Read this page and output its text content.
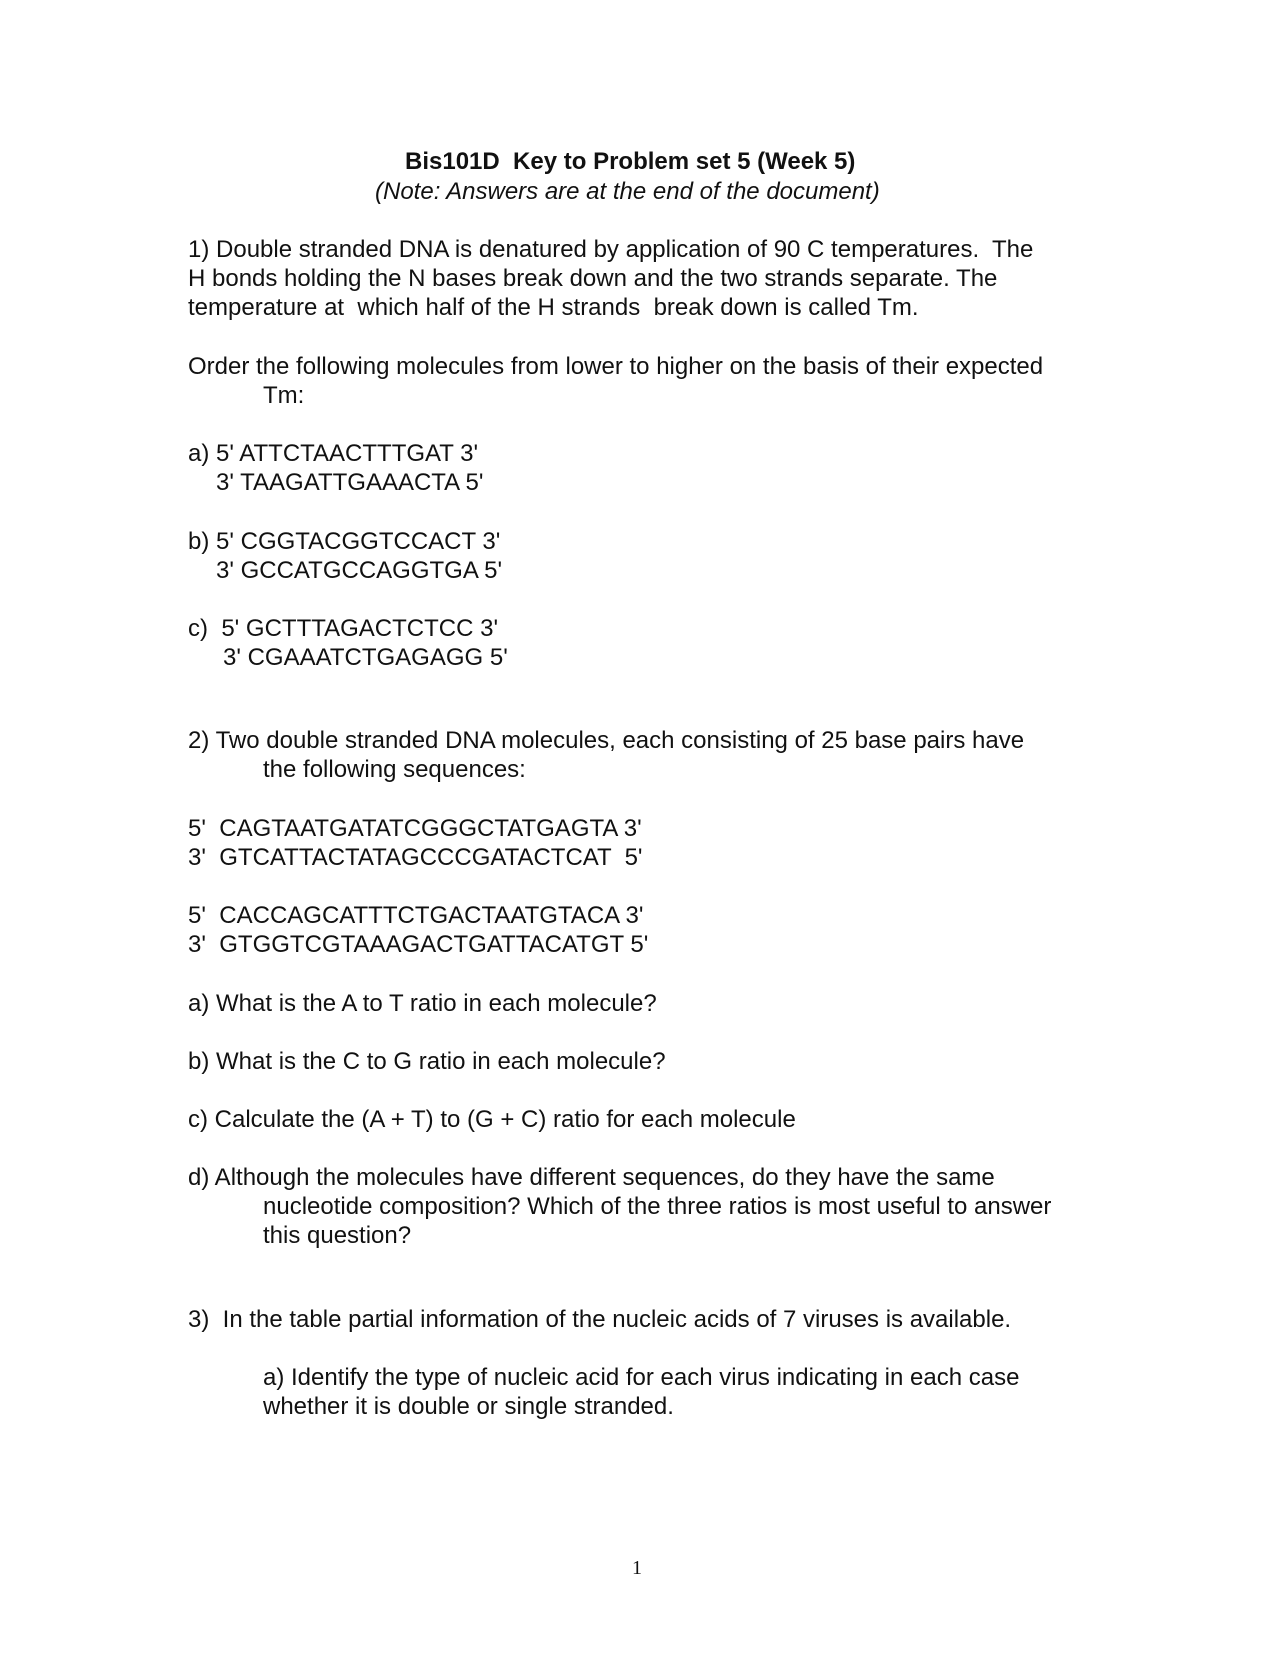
Bis101D  Key to Problem set 5 (Week 5)
(Note: Answers are at the end of the document)
1) Double stranded DNA is denatured by application of 90 C temperatures.  The
H bonds holding the N bases break down and the two strands separate. The
temperature at  which half of the H strands  break down is called Tm.
Order the following molecules from lower to higher on the basis of their expected
Tm:
a) 5' ATTCTAACTTTGAT 3'
3' TAAGATTGAAACTA 5'
b) 5' CGGTACGGTCCACT 3'
3' GCCATGCCAGGTGA 5'
c)  5' GCTTTAGACTCTCC 3'
3' CGAAATCTGAGAGG 5'
2) Two double stranded DNA molecules, each consisting of 25 base pairs have
the following sequences:
5'  CAGTAATGATATCGGGCTATGAGTA 3'
3'  GTCATTACTATAGCCCGATACTCAT  5'
5'  CACCAGCATTTCTGACTAATGTACA 3'
3'  GTGGTCGTAAAGACTGATTACATGT 5'
a) What is the A to T ratio in each molecule?
b) What is the C to G ratio in each molecule?
c) Calculate the (A + T) to (G + C) ratio for each molecule
d) Although the molecules have different sequences, do they have the same
nucleotide composition? Which of the three ratios is most useful to answer
this question?
3)  In the table partial information of the nucleic acids of 7 viruses is available.
a) Identify the type of nucleic acid for each virus indicating in each case
whether it is double or single stranded.
1
